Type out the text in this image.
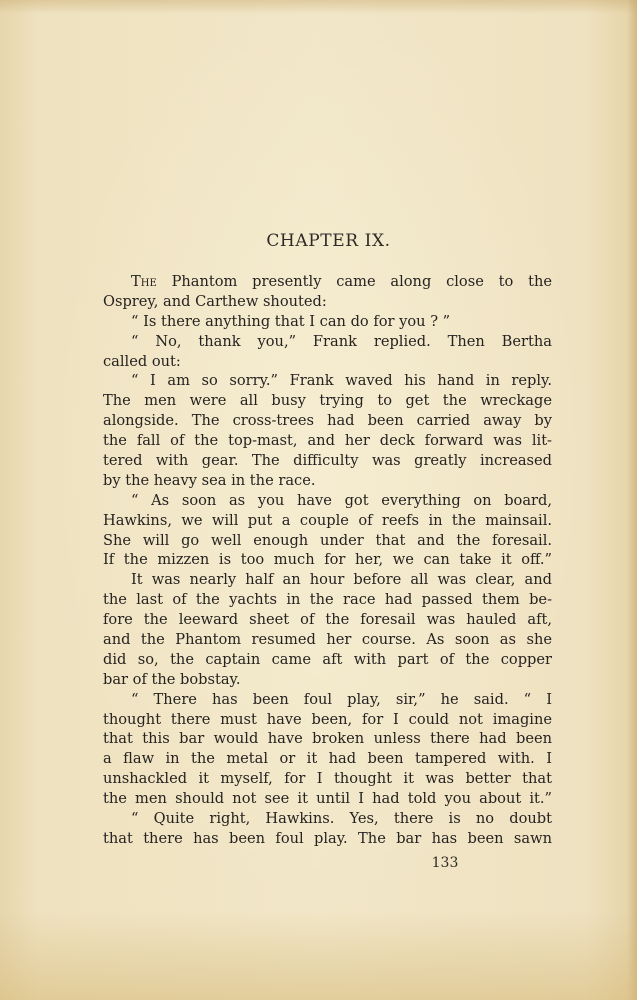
CHAPTER IX.
The Phantom presently came along close to the
Osprey, and Carthew shouted:
“ Is there anything that I can do for you ? ”
“ No, thank you,” Frank replied. Then Bertha
called out:
“ I am so sorry.” Frank waved his hand in reply.
The men were all busy trying to get the wreckage
alongside. The cross-trees had been carried away by
the fall of the top-mast, and her deck forward was lit-
tered with gear. The difficulty was greatly increased
by the heavy sea in the race.
“ As soon as you have got everything on board,
Hawkins, we will put a couple of reefs in the mainsail.
She will go well enough under that and the foresail.
If the mizzen is too much for her, we can take it off.”
It was nearly half an hour before all was clear, and
the last of the yachts in the race had passed them be-
fore the leeward sheet of the foresail was hauled aft,
and the Phantom resumed her course. As soon as she
did so, the captain came aft with part of the copper
bar of the bobstay.
“ There has been foul play, sir,” he said. “ I
thought there must have been, for I could not imagine
that this bar would have broken unless there had been
a flaw in the metal or it had been tampered with. I
unshackled it myself, for I thought it was better that
the men should not see it until I had told you about it.”
“ Quite right, Hawkins. Yes, there is no doubt
that there has been foul play. The bar has been sawn
133
